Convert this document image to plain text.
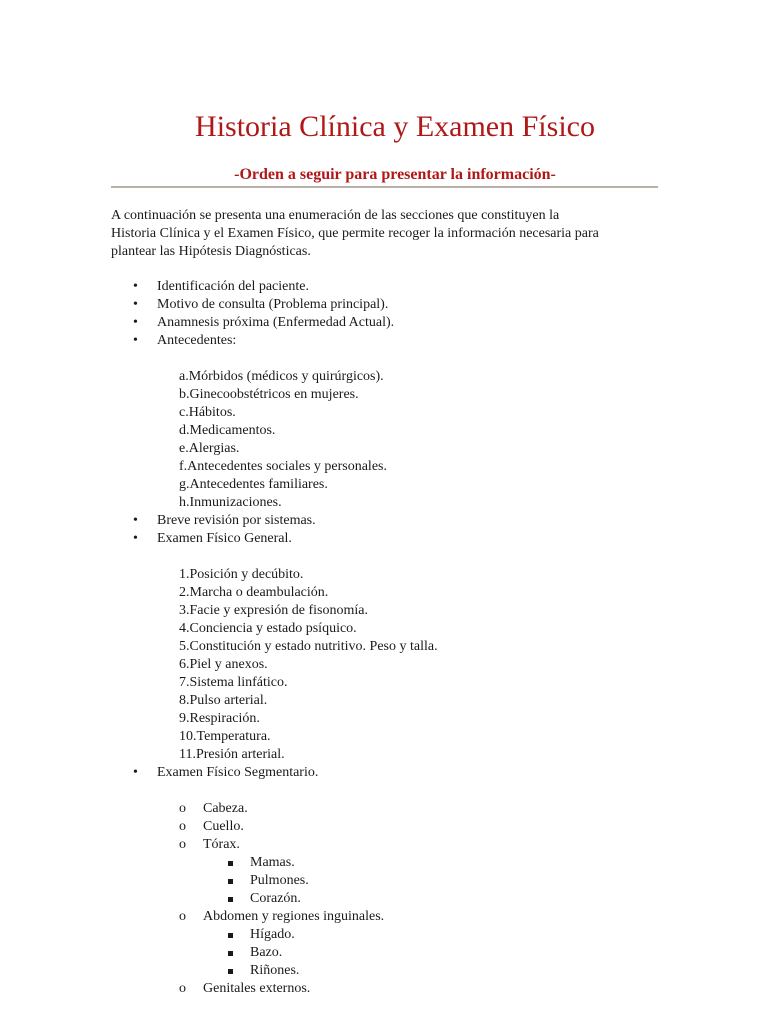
Historia Clínica y Examen Físico
-Orden a seguir para presentar la información-
A continuación se presenta una enumeración de las secciones que constituyen la
Historia Clínica y el Examen Físico, que permite recoger la información necesaria para
plantear las Hipótesis Diagnósticas.
• Identificación del paciente.
• Motivo de consulta (Problema principal).
• Anamnesis próxima (Enfermedad Actual).
• Antecedentes:
a.Mórbidos (médicos y quirúrgicos).
b.Ginecoobstétricos en mujeres.
c.Hábitos.
d.Medicamentos.
e.Alergias.
f.Antecedentes sociales y personales.
g.Antecedentes familiares.
h.Inmunizaciones.
• Breve revisión por sistemas.
• Examen Físico General.
1.Posición y decúbito.
2.Marcha o deambulación.
3.Facie y expresión de fisonomía.
4.Conciencia y estado psíquico.
5.Constitución y estado nutritivo. Peso y talla.
6.Piel y anexos.
7.Sistema linfático.
8.Pulso arterial.
9.Respiración.
10.Temperatura.
11.Presión arterial.
• Examen Físico Segmentario.
o Cabeza.
o Cuello.
o Tórax.
Mamas.
Pulmones.
Corazón.
o Abdomen y regiones inguinales.
Hígado.
Bazo.
Riñones.
o Genitales externos.
